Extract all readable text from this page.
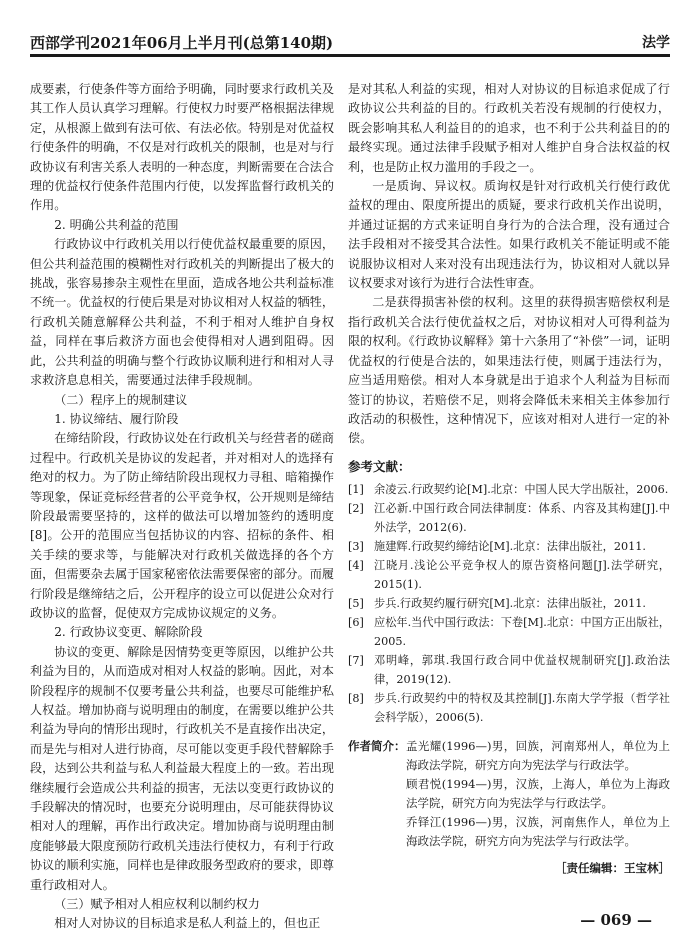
西部学刊2021年06月上半月刊(总第140期)	法学

成要素，行使条件等方面给予明确，同时要求行政机关及其工作人员认真学习理解。行使权力时要严格根据法律规定，从根源上做到有法可依、有法必依。特别是对优益权行使条件的明确，不仅是对行政机关的限制，也是对与行政协议有利害关系人表明的一种态度，判断需要在合法合理的优益权行使条件范围内行使，以发挥监督行政机关的作用。

2. 明确公共利益的范围

行政协议中行政机关用以行使优益权最重要的原因，但公共利益范围的模糊性对行政机关的判断提出了极大的挑战，张容易掺杂主观性在里面，造成各地公共利益标准不统一。优益权的行使后果是对协议相对人权益的牺牲，行政机关随意解释公共利益，不利于相对人维护自身权益，同样在事后救济方面也会使得相对人遇到阻碍。因此，公共利益的明确与整个行政协议顺利进行和相对人寻求救济息息相关，需要通过法律手段规制。

（二）程序上的规制建议

1. 协议缔结、履行阶段

在缔结阶段，行政协议处在行政机关与经营者的磋商过程中。行政机关是协议的发起者，并对相对人的选择有绝对的权力。为了防止缔结阶段出现权力寻租、暗箱操作等现象，保证竞标经营者的公平竞争权，公开规则是缔结阶段最需要坚持的，这样的做法可以增加签约的透明度[8]。公开的范围应当包括协议的内容、招标的条件、相关手续的要求等，与能解决对行政机关做选择的各个方面，但需要杂去属于国家秘密依法需要保密的部分。而履行阶段是继缔结之后，公开程序的设立可以促进公众对行政协议的监督，促使双方完成协议规定的义务。

2. 行政协议变更、解除阶段

协议的变更、解除是因情势变更等原因，以维护公共利益为目的，从而造成对相对人权益的影响。因此，对本阶段程序的规制不仅要考量公共利益，也要尽可能维护私人权益。增加协商与说明理由的制度，在需要以维护公共利益为导向的情形出现时，行政机关不是直接作出决定，而是先与相对人进行协商，尽可能以变更手段代替解除手段，达到公共利益与私人利益最大程度上的一致。若出现继续履行会造成公共利益的损害，无法以变更行政协议的手段解决的情况时，也要充分说明理由，尽可能获得协议相对人的理解，再作出行政决定。增加协商与说明理由制度能够最大限度预防行政机关违法行使权力，有利于行政协议的顺利实施，同样也是律政服务型政府的要求，即尊重行政相对人。

（三）赋予相对人相应权利以制约权力

相对人对协议的目标追求是私人利益上的，但也正

是对其私人利益的实现，相对人对协议的目标追求促成了行政协议公共利益的目的。行政机关若没有规制的行使权力，既会影响其私人利益目的的追求，也不利于公共利益目的的最终实现。通过法律手段赋予相对人维护自身合法权益的权利，也是防止权力滥用的手段之一。

一是质询、异议权。质询权是针对行政机关行使行政优益权的理由、限度所提出的质疑，要求行政机关作出说明，并通过证据的方式来证明自身行为的合法合理，没有通过合法手段相对不接受其合法性。如果行政机关不能证明或不能说服协议相对人来对没有出现违法行为，协议相对人就以异议权要求对该行为进行合法性审查。

二是获得损害补偿的权利。这里的获得损害赔偿权利是指行政机关合法行使优益权之后，对协议相对人可得利益为限的权利。《行政协议解释》第十六条用了“补偿”一词，证明优益权的行使是合法的，如果违法行使，则属于违法行为，应当适用赔偿。相对人本身就是出于追求个人利益为目标而签订的协议，若赔偿不足，则将会降低未来相关主体参加行政活动的积极性，这种情况下，应该对相对人进行一定的补偿。

参考文献：
[1] 余凌云.行政契约论[M].北京：中国人民大学出版社，2006.
[2] 江必新.中国行政合同法律制度：体系、内容及其构建[J].中外法学，2012(6).
[3] 施建辉.行政契约缔结论[M].北京：法律出版社，2011.
[4] 江晓月.浅论公平竞争权人的原告资格问题[J].法学研究，2015(1).
[5] 步兵.行政契约履行研究[M].北京：法律出版社，2011.
[6] 应松年.当代中国行政法：下卷[M].北京：中国方正出版社，2005.
[7] 邓明峰，郭琪.我国行政合同中优益权规制研究[J].政治法律，2019(12).
[8] 步兵.行政契约中的特权及其控制[J].东南大学学报（哲学社会科学版），2006(5).
作者简介： 孟光耀(1996—)男，回族，河南郑州人，单位为上海政法学院，研究方向为宪法学与行政法学。
顾君悦(1994—)男，汉族，上海人，单位为上海政法学院，研究方向为宪法学与行政法学。
乔铎江(1996—)男，汉族，河南焦作人，单位为上海政法学院，研究方向为宪法学与行政法学。
［责任编辑：王宝林］
— 069 —
